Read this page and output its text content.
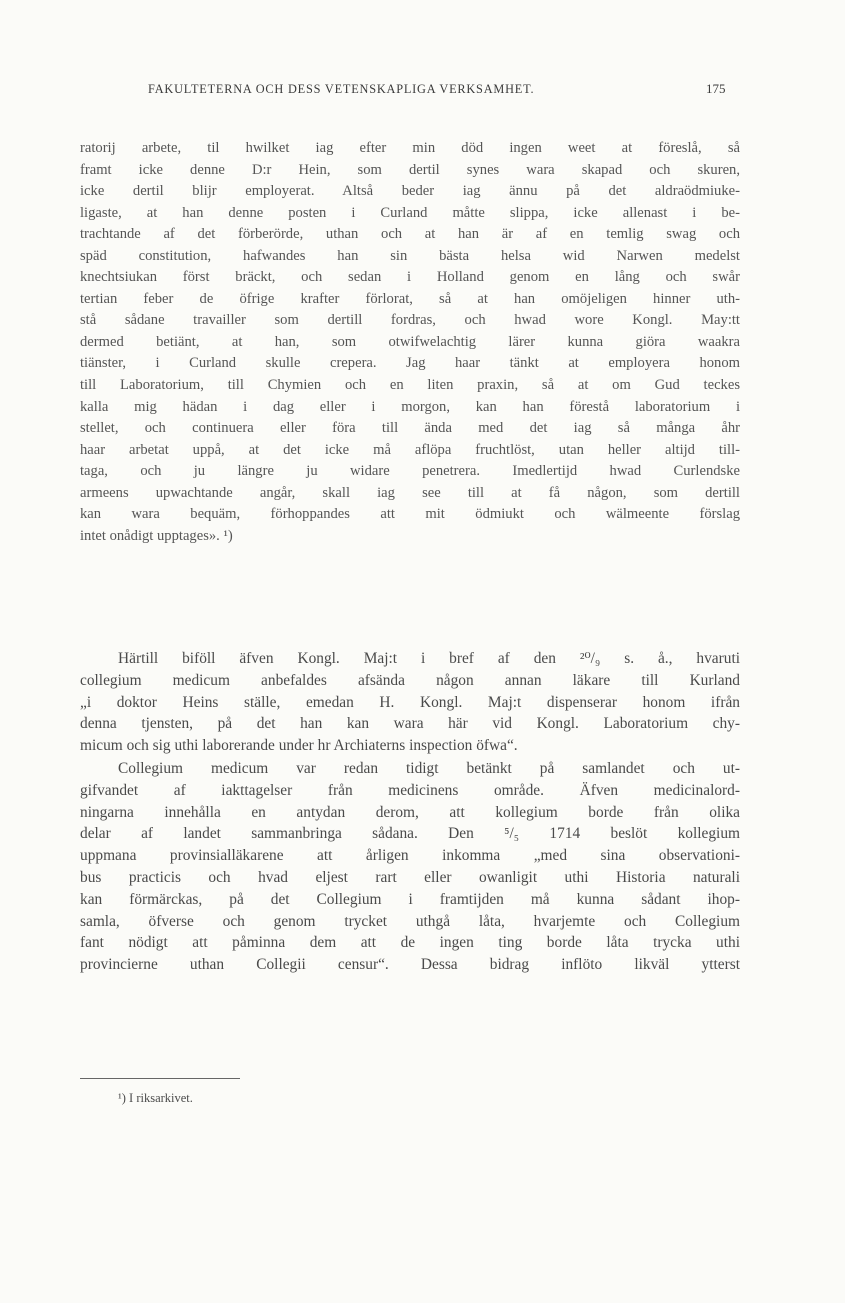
FAKULTETERNA OCH DESS VETENSKAPLIGA VERKSAMHET.	175
ratorij arbete, til hwilket iag efter min död ingen weet at föreslå, så
framt icke denne D:r Hein, som dertil synes wara skapad och skuren,
icke dertil blijr employerat. Altså beder iag ännu på det aldraödmiuke-
ligaste, at han denne posten i Curland måtte slippa, icke allenast i be-
trachtande af det förberörde, uthan och at han är af en temlig swag och
späd constitution, hafwandes han sin bästa helsa wid Narwen medelst
knechtsiukan först bräckt, och sedan i Holland genom en lång och swår
tertian feber de öfrige krafter förlorat, så at han omöjeligen hinner uth-
stå sådane travailler som dertill fordras, och hwad wore Kongl. May:tt
dermed betiänt, at han, som otwifwelachtig lärer kunna giöra waakra
tiänster, i Curland skulle crepera. Jag haar tänkt at employera honom
till Laboratorium, till Chymien och en liten praxin, så at om Gud teckes
kalla mig hädan i dag eller i morgon, kan han förestå laboratorium i
stellet, och continuera eller föra till ända med det iag så många åhr
haar arbetat uppå, at det icke må aflöpa fruchtlöst, utan heller altijd till-
taga, och ju längre ju widare penetrera. Imedlertijd hwad Curlendske
armeens upwachtande angår, skall iag see till at få någon, som dertill
kan wara bequäm, förhoppandes att mit ödmiukt och wälmeente förslag
intet onådigt upptages». ¹)
Härtill biföll äfven Kongl. Maj:t i bref af den ²⁰/₉ s. å., hvaruti
collegium medicum anbefaldes afsända någon annan läkare till Kurland
„i doktor Heins ställe, emedan H. Kongl. Maj:t dispenserar honom ifrån
denna tjensten, på det han kan wara här vid Kongl. Laboratorium chy-
micum och sig uthi laborerande under hr Archiaterns inspection öfwa“.
Collegium medicum var redan tidigt betänkt på samlandet och ut-
gifvandet af iakttagelser från medicinens område. Äfven medicinalord-
ningarna innehålla en antydan derom, att kollegium borde från olika
delar af landet sammanbringa sådana. Den ⁵/₅ 1714 beslöt kollegium
uppmana provinsialläkarene att årligen inkomma „med sina observationi-
bus practicis och hvad eljest rart eller owanligit uthi Historia naturali
kan förmärckas, på det Collegium i framtijden må kunna sådant ihop-
samla, öfverse och genom trycket uthgå låta, hvarjemte och Collegium
fant nödigt att påminna dem att de ingen ting borde låta trycka uthi
provincierne uthan Collegii censur“. Dessa bidrag inflöto likväl ytterst
¹) I riksarkivet.
